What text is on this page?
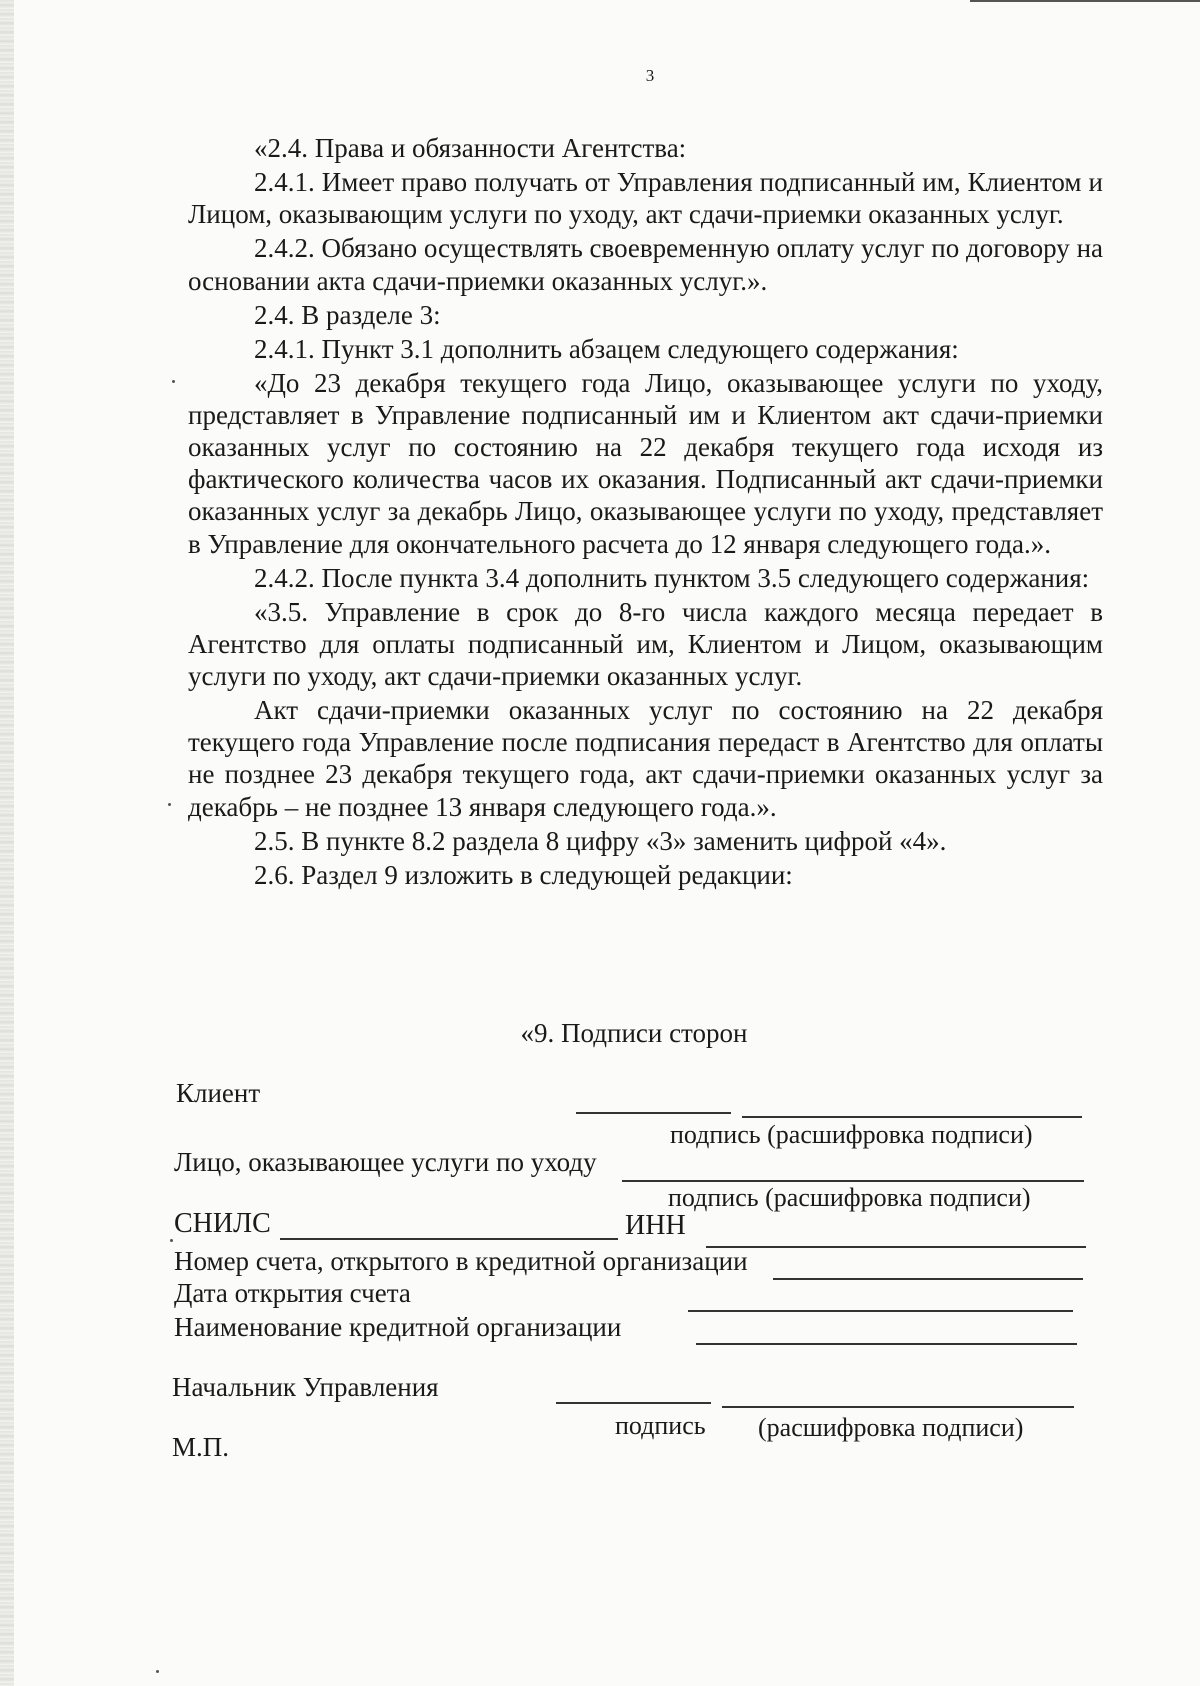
3

«2.4. Права и обязанности Агентства:

2.4.1. Имеет право получать от Управления подписанный им, Клиентом и Лицом, оказывающим услуги по уходу, акт сдачи-приемки оказанных услуг.

2.4.2. Обязано осуществлять своевременную оплату услуг по договору на основании акта сдачи-приемки оказанных услуг.».

2.4. В разделе 3:

2.4.1. Пункт 3.1 дополнить абзацем следующего содержания:

«До 23 декабря текущего года Лицо, оказывающее услуги по уходу, представляет в Управление подписанный им и Клиентом акт сдачи-приемки оказанных услуг по состоянию на 22 декабря текущего года исходя из фактического количества часов их оказания. Подписанный акт сдачи-приемки оказанных услуг за декабрь Лицо, оказывающее услуги по уходу, представляет в Управление для окончательного расчета до 12 января следующего года.».

2.4.2. После пункта 3.4 дополнить пунктом 3.5 следующего содержания:

«3.5. Управление в срок до 8-го числа каждого месяца передает в Агентство для оплаты подписанный им, Клиентом и Лицом, оказывающим услуги по уходу, акт сдачи-приемки оказанных услуг.

Акт сдачи-приемки оказанных услуг по состоянию на 22 декабря текущего года Управление после подписания передаст в Агентство для оплаты не позднее 23 декабря текущего года, акт сдачи-приемки оказанных услуг за декабрь – не позднее 13 января следующего года.».

2.5. В пункте 8.2 раздела 8 цифру «3» заменить цифрой «4».

2.6. Раздел 9 изложить в следующей редакции:

«9. Подписи сторон
Клиент
подпись (расшифровка подписи)
Лицо, оказывающее услуги по уходу
подпись (расшифровка подписи)
СНИЛС	ИНН
Номер счета, открытого в кредитной организации
Дата открытия счета
Наименование кредитной организации
Начальник Управления
подпись (расшифровка подписи)
М.П.
